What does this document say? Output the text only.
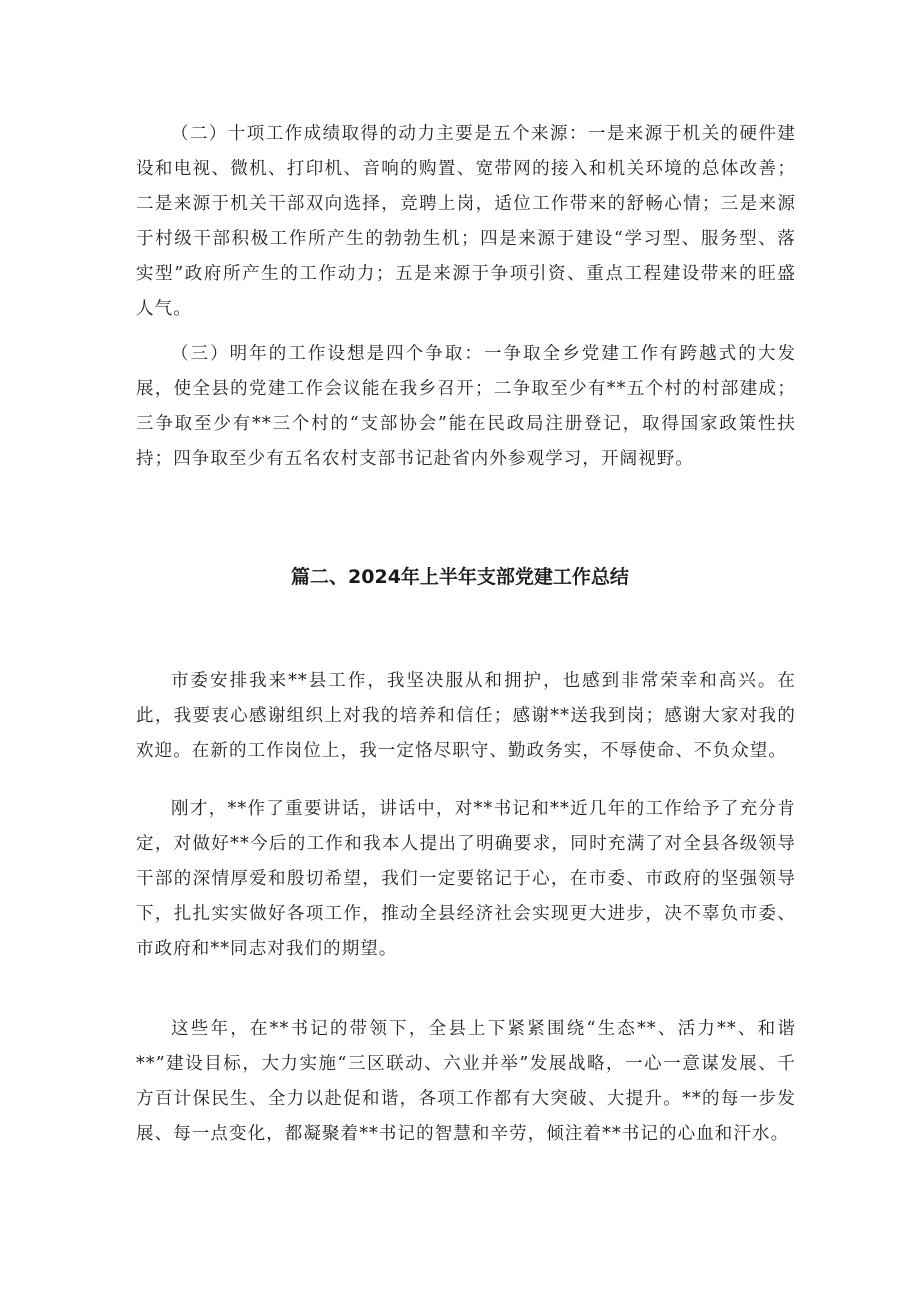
（二）十项工作成绩取得的动力主要是五个来源：一是来源于机关的硬件建设和电视、微机、打印机、音响的购置、宽带网的接入和机关环境的总体改善；二是来源于机关干部双向选择，竞聘上岗，适位工作带来的舒畅心情；三是来源于村级干部积极工作所产生的勃勃生机；四是来源于建设“学习型、服务型、落实型”政府所产生的工作动力；五是来源于争项引资、重点工程建设带来的旺盛人气。

（三）明年的工作设想是四个争取：一争取全乡党建工作有跨越式的大发展，使全县的党建工作会议能在我乡召开；二争取至少有**五个村的村部建成；三争取至少有**三个村的“支部协会”能在民政局注册登记，取得国家政策性扶持；四争取至少有五名农村支部书记赴省内外参观学习，开阔视野。

篇二、2024年上半年支部党建工作总结

市委安排我来**县工作，我坚决服从和拥护，也感到非常荣幸和高兴。在此，我要衷心感谢组织上对我的培养和信任；感谢**送我到岗；感谢大家对我的欢迎。在新的工作岗位上，我一定恪尽职守、勤政务实，不辱使命、不负众望。

刚才，**作了重要讲话，讲话中，对**书记和**近几年的工作给予了充分肯定，对做好**今后的工作和我本人提出了明确要求，同时充满了对全县各级领导干部的深情厚爱和殷切希望，我们一定要铭记于心，在市委、市政府的坚强领导下，扎扎实实做好各项工作，推动全县经济社会实现更大进步，决不辜负市委、市政府和**同志对我们的期望。

这些年，在**书记的带领下，全县上下紧紧围绕“生态**、活力**、和谐**”建设目标，大力实施“三区联动、六业并举”发展战略，一心一意谋发展、千方百计保民生、全力以赴促和谐，各项工作都有大突破、大提升。**的每一步发展、每一点变化，都凝聚着**书记的智慧和辛劳，倾注着**书记的心血和汗水。
